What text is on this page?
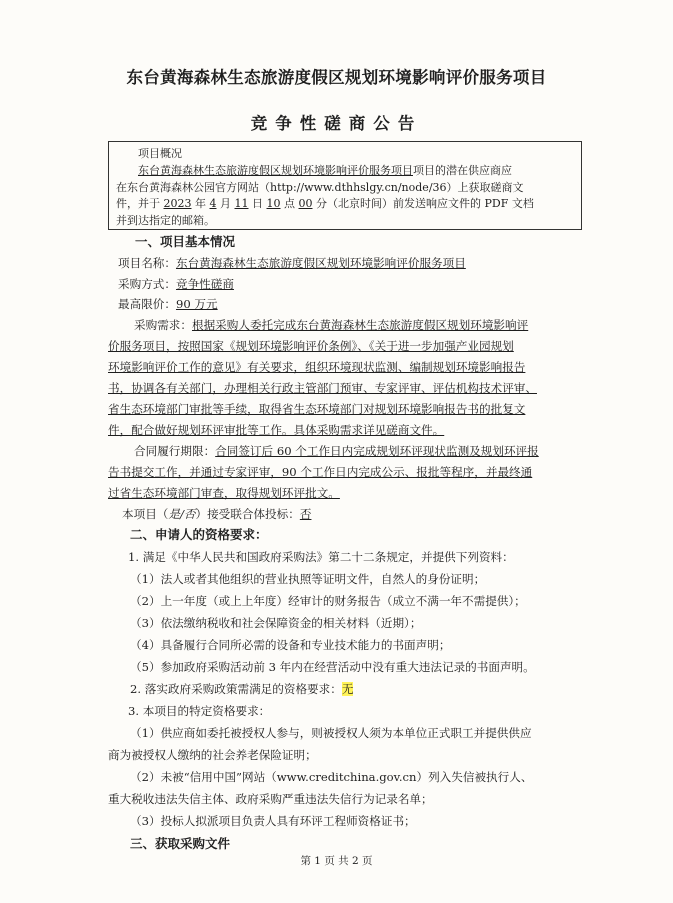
东台黄海森林生态旅游度假区规划环境影响评价服务项目
竞争性磋商公告
项目概况
东台黄海森林生态旅游度假区规划环境影响评价服务项目项目的潜在供应商应
在东台黄海森林公园官方网站（http://www.dthhslgy.cn/node/36）上获取磋商文
件，并于 2023 年 4 月 11 日 10 点 00 分（北京时间）前发送响应文件的 PDF 文档
并到达指定的邮箱。
一、项目基本情况
项目名称：东台黄海森林生态旅游度假区规划环境影响评价服务项目
采购方式：竞争性磋商
最高限价：90 万元
采购需求：根据采购人委托完成东台黄海森林生态旅游度假区规划环境影响评
价服务项目，按照国家《规划环境影响评价条例》、《关于进一步加强产业园规划
环境影响评价工作的意见》有关要求，组织环境现状监测、编制规划环境影响报告
书，协调各有关部门，办理相关行政主管部门预审、专家评审、评估机构技术评审、
省生态环境部门审批等手续，取得省生态环境部门对规划环境影响报告书的批复文
件，配合做好规划环评审批等工作。具体采购需求详见磋商文件。
合同履行期限：合同签订后 60 个工作日内完成规划环评现状监测及规划环评报
告书提交工作，并通过专家评审，90 个工作日内完成公示、报批等程序，并最终通
过省生态环境部门审查，取得规划环评批文。
本项目（是/否）接受联合体投标：否
二、申请人的资格要求：
1. 满足《中华人民共和国政府采购法》第二十二条规定，并提供下列资料：
（1）法人或者其他组织的营业执照等证明文件，自然人的身份证明；
（2）上一年度（或上上年度）经审计的财务报告（成立不满一年不需提供）；
（3）依法缴纳税收和社会保障资金的相关材料（近期）；
（4）具备履行合同所必需的设备和专业技术能力的书面声明；
（5）参加政府采购活动前 3 年内在经营活动中没有重大违法记录的书面声明。
2. 落实政府采购政策需满足的资格要求：无
3. 本项目的特定资格要求：
（1）供应商如委托被授权人参与，则被授权人须为本单位正式职工并提供供应
商为被授权人缴纳的社会养老保险证明；
（2）未被“信用中国”网站（www.creditchina.gov.cn）列入失信被执行人、
重大税收违法失信主体、政府采购严重违法失信行为记录名单；
（3）投标人拟派项目负责人具有环评工程师资格证书；
三、获取采购文件
第 1 页 共 2 页
